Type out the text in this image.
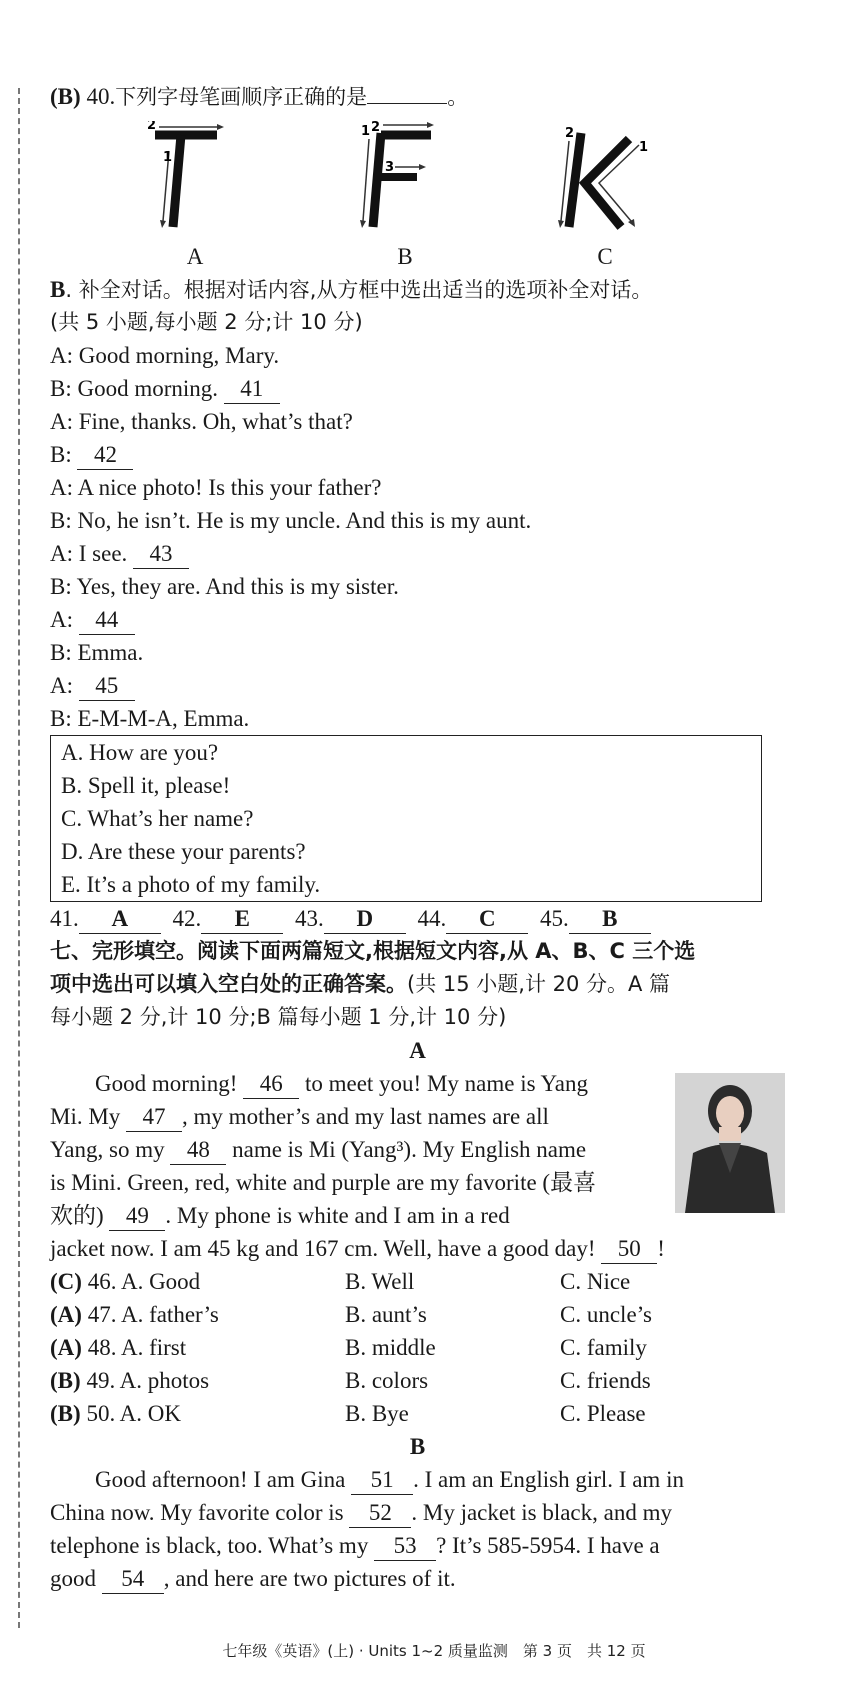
(B) 40.下列字母笔画顺序正确的是	。
2
1
A
1 2
3
B
2
1
C
B. 补全对话。根据对话内容,从方框中选出适当的选项补全对话。
(共 5 小题,每小题 2 分;计 10 分)
A: Good morning, Mary.
B: Good morning. 41
A: Fine, thanks. Oh, what’s that?
B: 42
A: A nice photo! Is this your father?
B: No, he isn’t. He is my uncle. And this is my aunt.
A: I see. 43
B: Yes, they are. And this is my sister.
A: 44
B: Emma.
A: 45
B: E-M-M-A, Emma.
A. How are you?
B. Spell it, please!
C. What’s her name?
D. Are these your parents?
E. It’s a photo of my family.
41. A 42. E 43. D 44. C 45. B
七、完形填空。阅读下面两篇短文,根据短文内容,从 A、B、C 三个选
项中选出可以填入空白处的正确答案。(共 15 小题,计 20 分。A 篇
每小题 2 分,计 10 分;B 篇每小题 1 分,计 10 分)
A
Good morning! 46 to meet you! My name is Yang
Mi. My 47 , my mother’s and my last names are all
Yang, so my 48 name is Mi (Yang³). My English name
is Mini. Green, red, white and purple are my favorite (最喜
欢的) 49 . My phone is white and I am in a red
jacket now. I am 45 kg and 167 cm. Well, have a good day! 50 !
(C) 46. A. Good	B. Well	C. Nice
(A) 47. A. father’s	B. aunt’s	C. uncle’s
(A) 48. A. first	B. middle	C. family
(B) 49. A. photos	B. colors	C. friends
(B) 50. A. OK	B. Bye	C. Please
B
Good afternoon! I am Gina 51 . I am an English girl. I am in
China now. My favorite color is 52 . My jacket is black, and my
telephone is black, too. What’s my 53 ? It’s 585-5954. I have a
good 54 , and here are two pictures of it.
七年级《英语》(上) · Units 1~2 质量监测　第 3 页　共 12 页
